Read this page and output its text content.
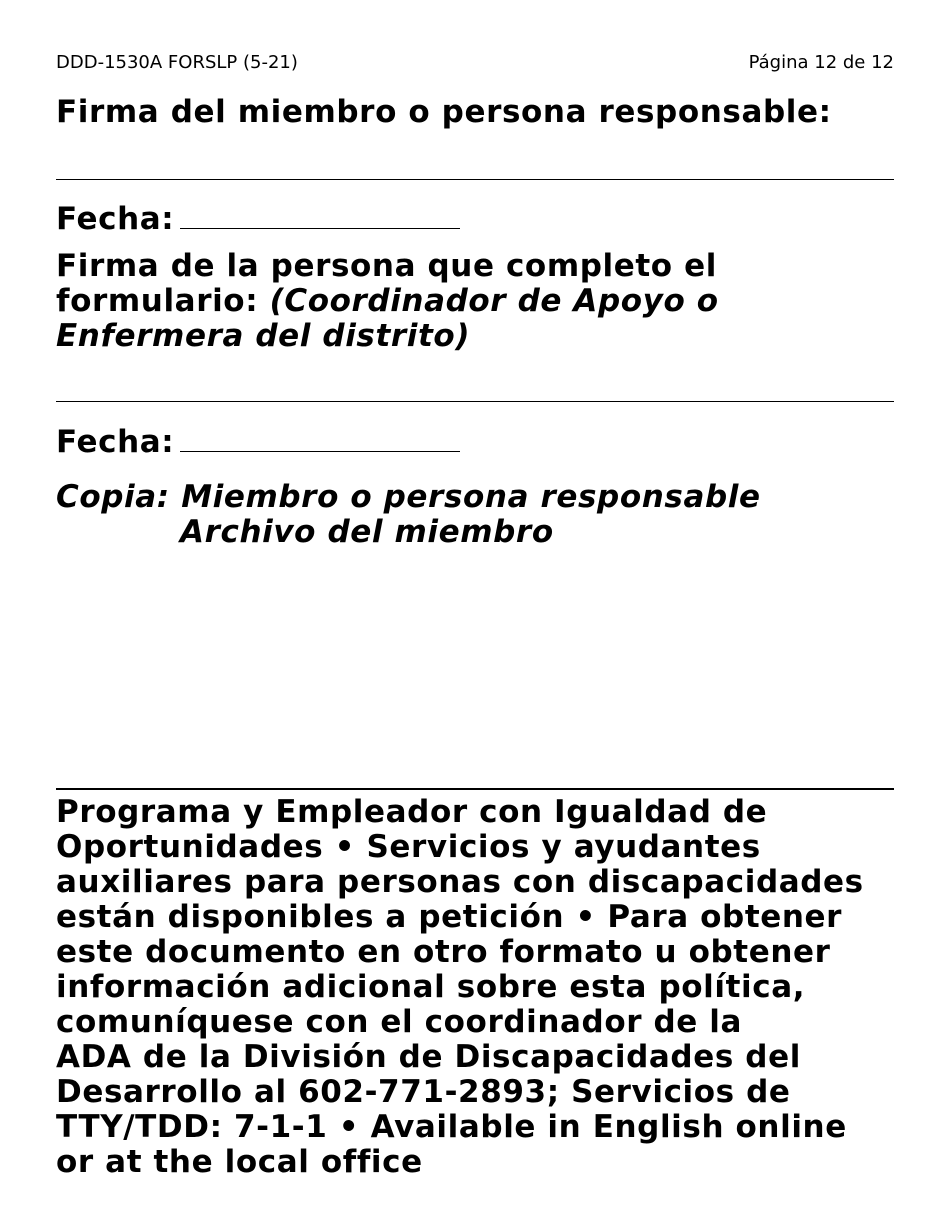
DDD-1530A FORSLP (5-21)	Página 12 de 12
Firma del miembro o persona responsable:
Fecha:

Firma de la persona que completo el formulario: (Coordinador de Apoyo o Enfermera del distrito)

Fecha:
Copia: Miembro o persona responsable
Archivo del miembro
Programa y Empleador con Igualdad de
Oportunidades • Servicios y ayudantes
auxiliares para personas con discapacidades
están disponibles a petición • Para obtener
este documento en otro formato u obtener
información adicional sobre esta política,
comuníquese con el coordinador de la
ADA de la División de Discapacidades del
Desarrollo al 602-771-2893; Servicios de
TTY/TDD: 7-1-1 • Available in English online
or at the local office
